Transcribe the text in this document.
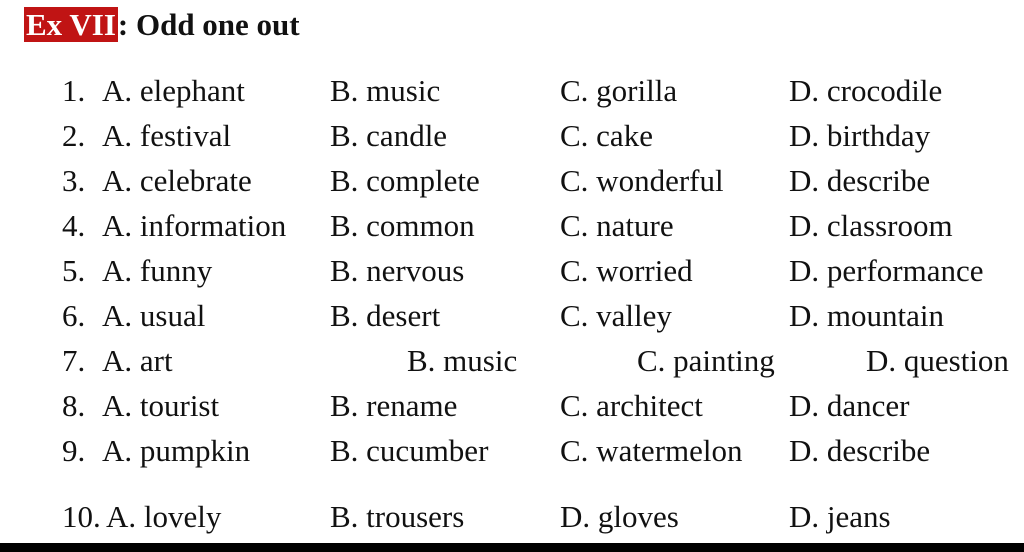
Ex VII: Odd one out
1. A. elephant	B. music	C. gorilla	D. crocodile
2. A. festival	B. candle	C. cake	D. birthday
3. A. celebrate	B. complete	C. wonderful D. describe
4. A. information B. common	C. nature	D. classroom
5. A. funny	B. nervous	C. worried	D. performance
6. A. usual	B. desert	C. valley	D. mountain
7. A. art	B. music	C. painting	D. question
8. A. tourist	B. rename	C. architect	D. dancer
9. A. pumpkin	B. cucumber C. watermelon D. describe
10. A. lovely	B. trousers	D. gloves	D. jeans
